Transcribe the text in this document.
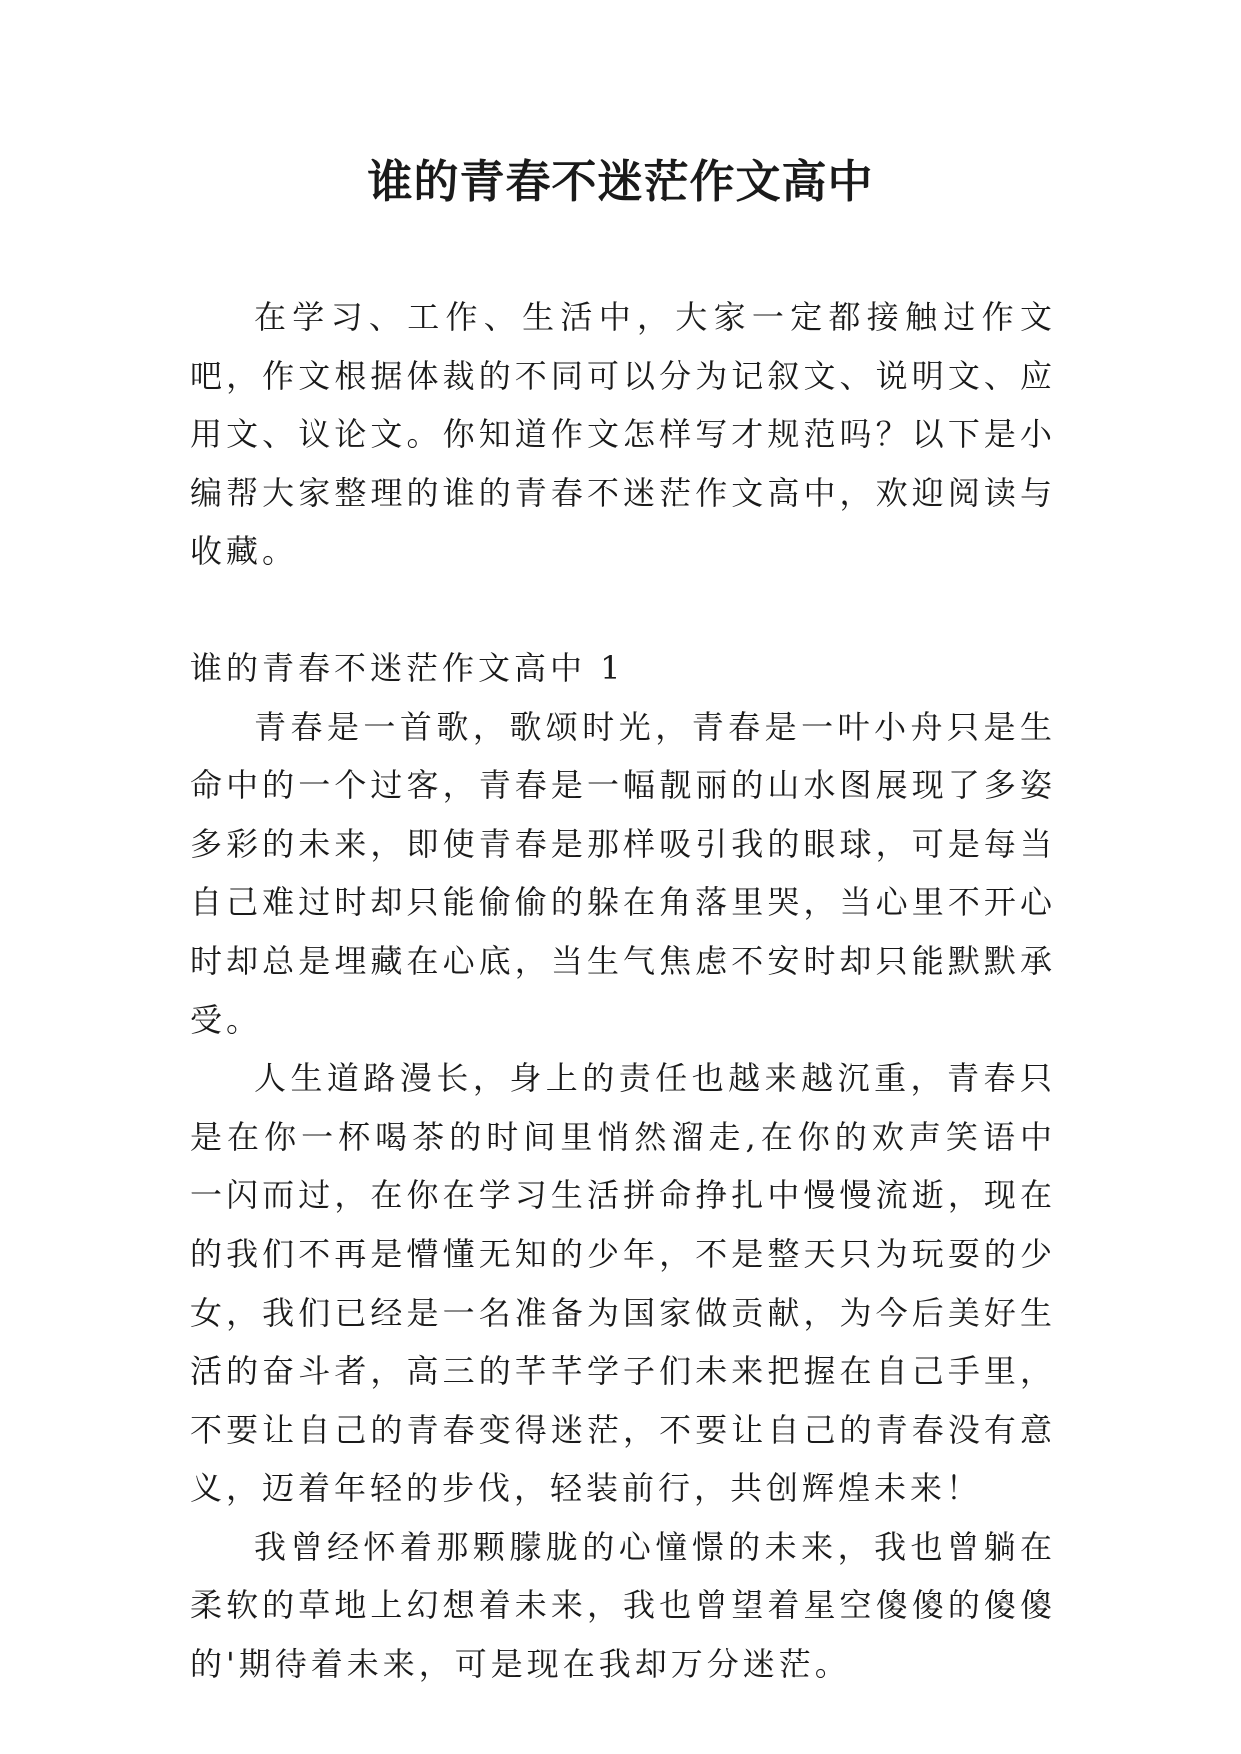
谁的青春不迷茫作文高中

在学习、工作、生活中，大家一定都接触过作文吧，作文根据体裁的不同可以分为记叙文、说明文、应用文、议论文。你知道作文怎样写才规范吗？以下是小编帮大家整理的谁的青春不迷茫作文高中，欢迎阅读与收藏。

谁的青春不迷茫作文高中 1

青春是一首歌，歌颂时光，青春是一叶小舟只是生命中的一个过客，青春是一幅靓丽的山水图展现了多姿多彩的未来，即使青春是那样吸引我的眼球，可是每当自己难过时却只能偷偷的躲在角落里哭，当心里不开心时却总是埋藏在心底，当生气焦虑不安时却只能默默承受。

人生道路漫长，身上的责任也越来越沉重，青春只是在你一杯喝茶的时间里悄然溜走,在你的欢声笑语中一闪而过，在你在学习生活拼命挣扎中慢慢流逝，现在的我们不再是懵懂无知的少年，不是整天只为玩耍的少女，我们已经是一名准备为国家做贡献，为今后美好生活的奋斗者，高三的芊芊学子们未来把握在自己手里，不要让自己的青春变得迷茫，不要让自己的青春没有意义，迈着年轻的步伐，轻装前行，共创辉煌未来！

我曾经怀着那颗朦胧的心憧憬的未来，我也曾躺在柔软的草地上幻想着未来，我也曾望着星空傻傻的傻傻的'期待着未来，可是现在我却万分迷茫。
